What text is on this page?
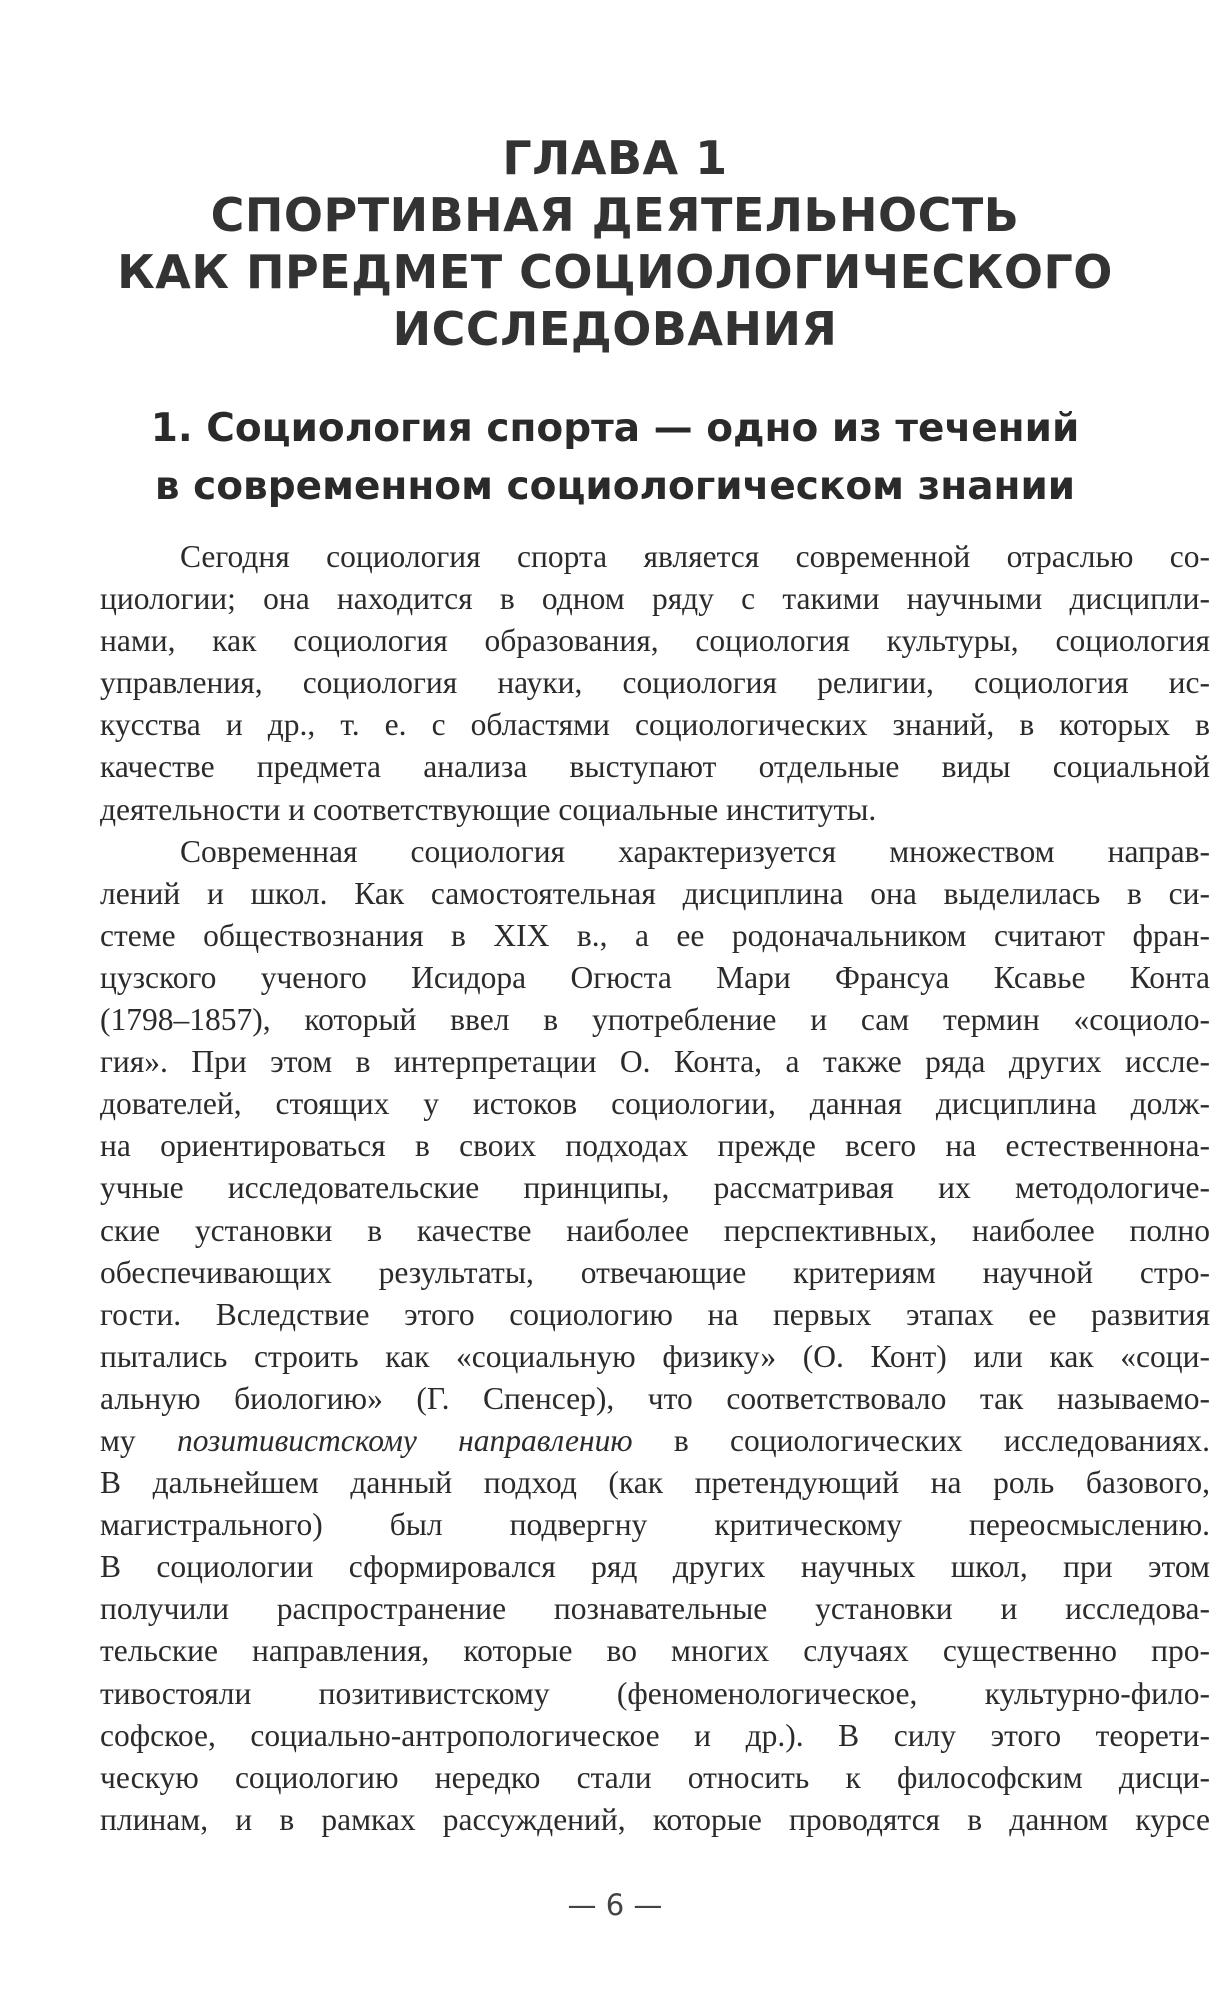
ГЛАВА 1
СПОРТИВНАЯ ДЕЯТЕЛЬНОСТЬ
КАК ПРЕДМЕТ СОЦИОЛОГИЧЕСКОГО
ИССЛЕДОВАНИЯ
1. Социология спорта — одно из течений
в современном социологическом знании
Сегодня социология спорта является современной отраслью со-
циологии; она находится в одном ряду с такими научными дисципли-
нами, как социология образования, социология культуры, социология
управления, социология науки, социология религии, социология ис-
кусства и др., т. е. с областями социологических знаний, в которых в
качестве предмета анализа выступают отдельные виды социальной
деятельности и соответствующие социальные институты.
Современная социология характеризуется множеством направ-
лений и школ. Как самостоятельная дисциплина она выделилась в си-
стеме обществознания в XIX в., а ее родоначальником считают фран-
цузского ученого Исидора Огюста Мари Франсуа Ксавье Конта
(1798–1857), который ввел в употребление и сам термин «социоло-
гия». При этом в интерпретации О. Конта, а также ряда других иссле-
дователей, стоящих у истоков социологии, данная дисциплина долж-
на ориентироваться в своих подходах прежде всего на естественнона-
учные исследовательские принципы, рассматривая их методологиче-
ские установки в качестве наиболее перспективных, наиболее полно
обеспечивающих результаты, отвечающие критериям научной стро-
гости. Вследствие этого социологию на первых этапах ее развития
пытались строить как «социальную физику» (О. Конт) или как «соци-
альную биологию» (Г. Спенсер), что соответствовало так называемо-
му позитивистскому направлению в социологических исследованиях.
В дальнейшем данный подход (как претендующий на роль базового,
магистрального) был подвергну критическому переосмыслению.
В социологии сформировался ряд других научных школ, при этом
получили распространение познавательные установки и исследова-
тельские направления, которые во многих случаях существенно про-
тивостояли позитивистскому (феноменологическое, культурно-фило-
софское, социально-антропологическое и др.). В силу этого теорети-
ческую социологию нередко стали относить к философским дисци-
плинам, и в рамках рассуждений, которые проводятся в данном курсе
— 6 —
